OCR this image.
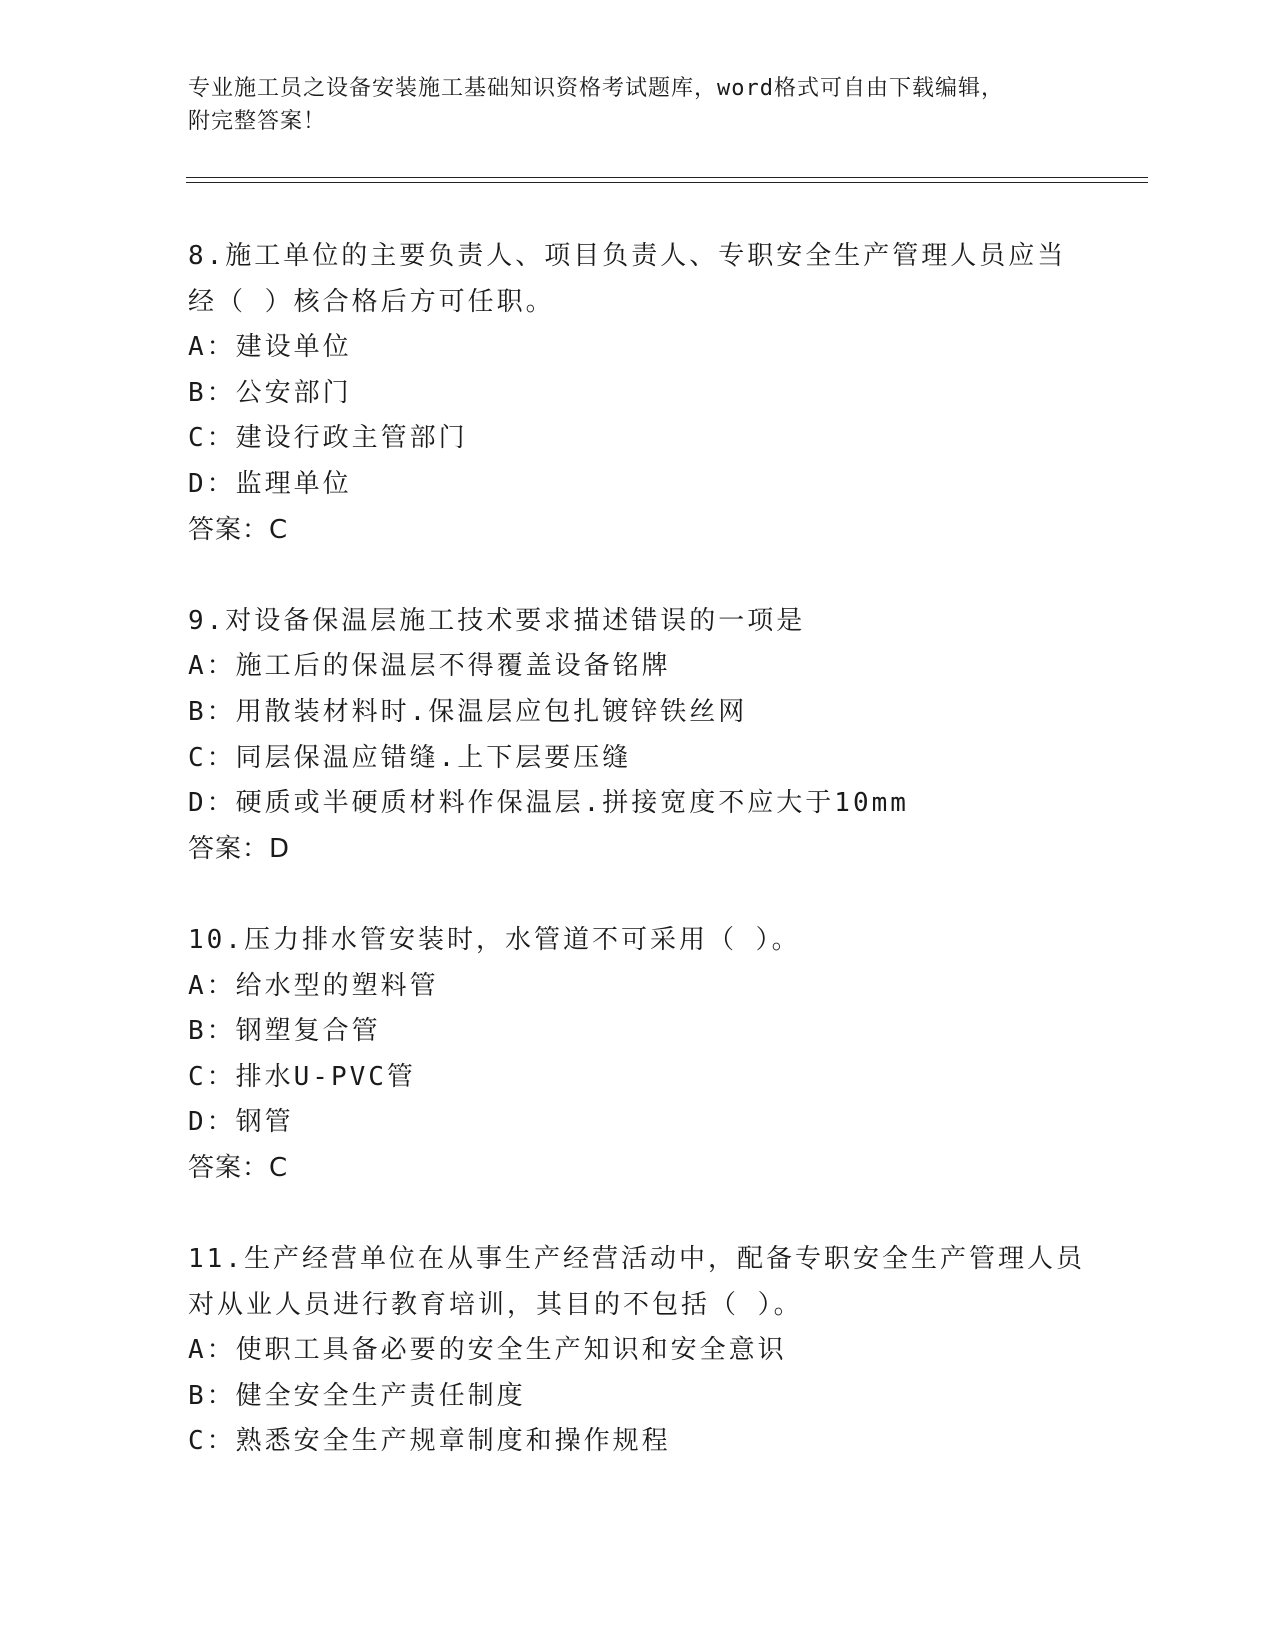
专业施工员之设备安装施工基础知识资格考试题库，word格式可自由下载编辑，
附完整答案！
8.施工单位的主要负责人、项目负责人、专职安全生产管理人员应当
经（ ）核合格后方可任职。
A：建设单位
B：公安部门
C：建设行政主管部门
D：监理单位
答案：C
9.对设备保温层施工技术要求描述错误的一项是
A：施工后的保温层不得覆盖设备铭牌
B：用散装材料时.保温层应包扎镀锌铁丝网
C：同层保温应错缝.上下层要压缝
D：硬质或半硬质材料作保温层.拼接宽度不应大于10mm
答案：D
10.压力排水管安装时，水管道不可采用（ ）。
A：给水型的塑料管
B：钢塑复合管
C：排水U-PVC管
D：钢管
答案：C
11.生产经营单位在从事生产经营活动中，配备专职安全生产管理人员
对从业人员进行教育培训，其目的不包括（ ）。
A：使职工具备必要的安全生产知识和安全意识
B：健全安全生产责任制度
C：熟悉安全生产规章制度和操作规程
